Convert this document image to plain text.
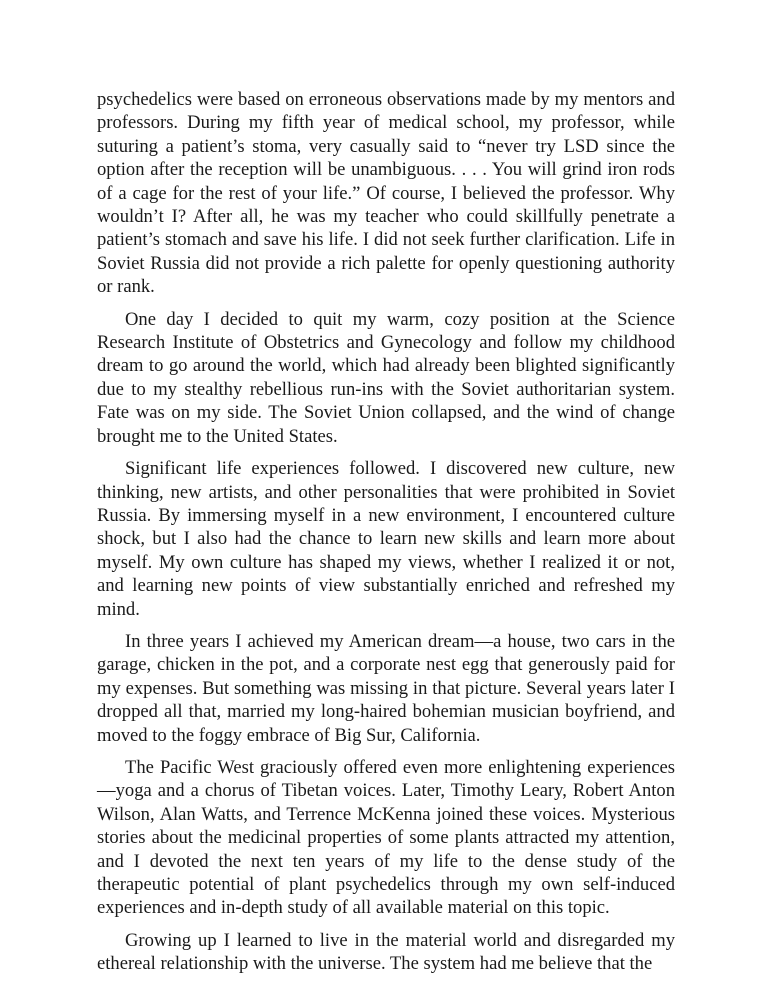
psychedelics were based on erroneous observations made by my mentors and professors. During my fifth year of medical school, my professor, while suturing a patient’s stoma, very casually said to “never try LSD since the option after the reception will be unambiguous. . . . You will grind iron rods of a cage for the rest of your life.” Of course, I believed the professor. Why wouldn’t I? After all, he was my teacher who could skillfully penetrate a patient’s stomach and save his life. I did not seek further clarification. Life in Soviet Russia did not provide a rich palette for openly questioning authority or rank.

One day I decided to quit my warm, cozy position at the Science Research Institute of Obstetrics and Gynecology and follow my childhood dream to go around the world, which had already been blighted significantly due to my stealthy rebellious run-ins with the Soviet authoritarian system. Fate was on my side. The Soviet Union collapsed, and the wind of change brought me to the United States.

Significant life experiences followed. I discovered new culture, new thinking, new artists, and other personalities that were prohibited in Soviet Russia. By immersing myself in a new environment, I encountered culture shock, but I also had the chance to learn new skills and learn more about myself. My own culture has shaped my views, whether I realized it or not, and learning new points of view substantially enriched and refreshed my mind.

In three years I achieved my American dream—a house, two cars in the garage, chicken in the pot, and a corporate nest egg that generously paid for my expenses. But something was missing in that picture. Several years later I dropped all that, married my long-haired bohemian musician boyfriend, and moved to the foggy embrace of Big Sur, California.

The Pacific West graciously offered even more enlightening experiences —yoga and a chorus of Tibetan voices. Later, Timothy Leary, Robert Anton Wilson, Alan Watts, and Terrence McKenna joined these voices. Mysterious stories about the medicinal properties of some plants attracted my attention, and I devoted the next ten years of my life to the dense study of the therapeutic potential of plant psychedelics through my own self-induced experiences and in-depth study of all available material on this topic.

Growing up I learned to live in the material world and disregarded my ethereal relationship with the universe. The system had me believe that the
